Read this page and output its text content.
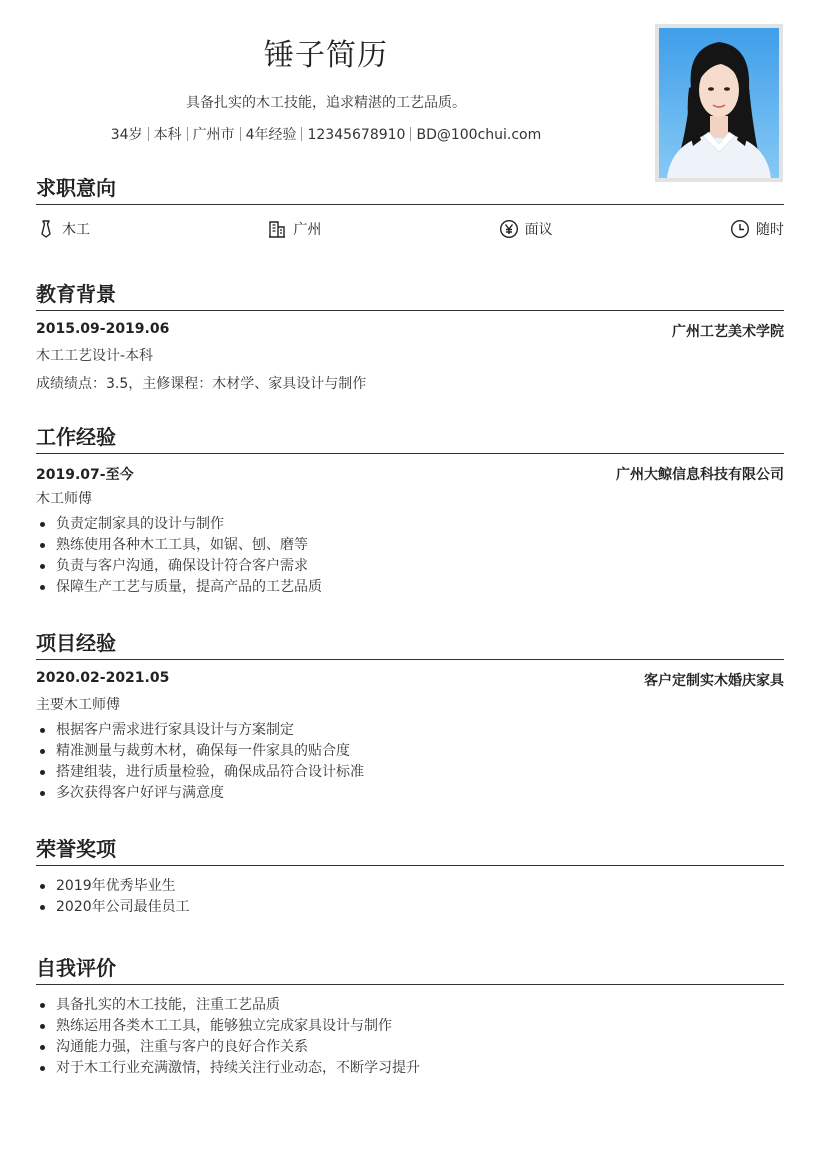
锤子简历
具备扎实的木工技能，追求精湛的工艺品质。
34岁 本科 广州市 4年经验 12345678910 BD@100chui.com
求职意向
木工	广州	面议	随时
教育背景
2015.09-2019.06	广州工艺美术学院
木工工艺设计-本科
成绩绩点：3.5，主修课程：木材学、家具设计与制作
工作经验
2019.07-至今	广州大鲸信息科技有限公司
木工师傅
负责定制家具的设计与制作
熟练使用各种木工工具，如锯、刨、磨等
负责与客户沟通，确保设计符合客户需求
保障生产工艺与质量，提高产品的工艺品质
项目经验
2020.02-2021.05	客户定制实木婚庆家具
主要木工师傅
根据客户需求进行家具设计与方案制定
精准测量与裁剪木材，确保每一件家具的贴合度
搭建组装，进行质量检验，确保成品符合设计标准
多次获得客户好评与满意度
荣誉奖项
2019年优秀毕业生
2020年公司最佳员工
自我评价
具备扎实的木工技能，注重工艺品质
熟练运用各类木工工具，能够独立完成家具设计与制作
沟通能力强，注重与客户的良好合作关系
对于木工行业充满激情，持续关注行业动态，不断学习提升
